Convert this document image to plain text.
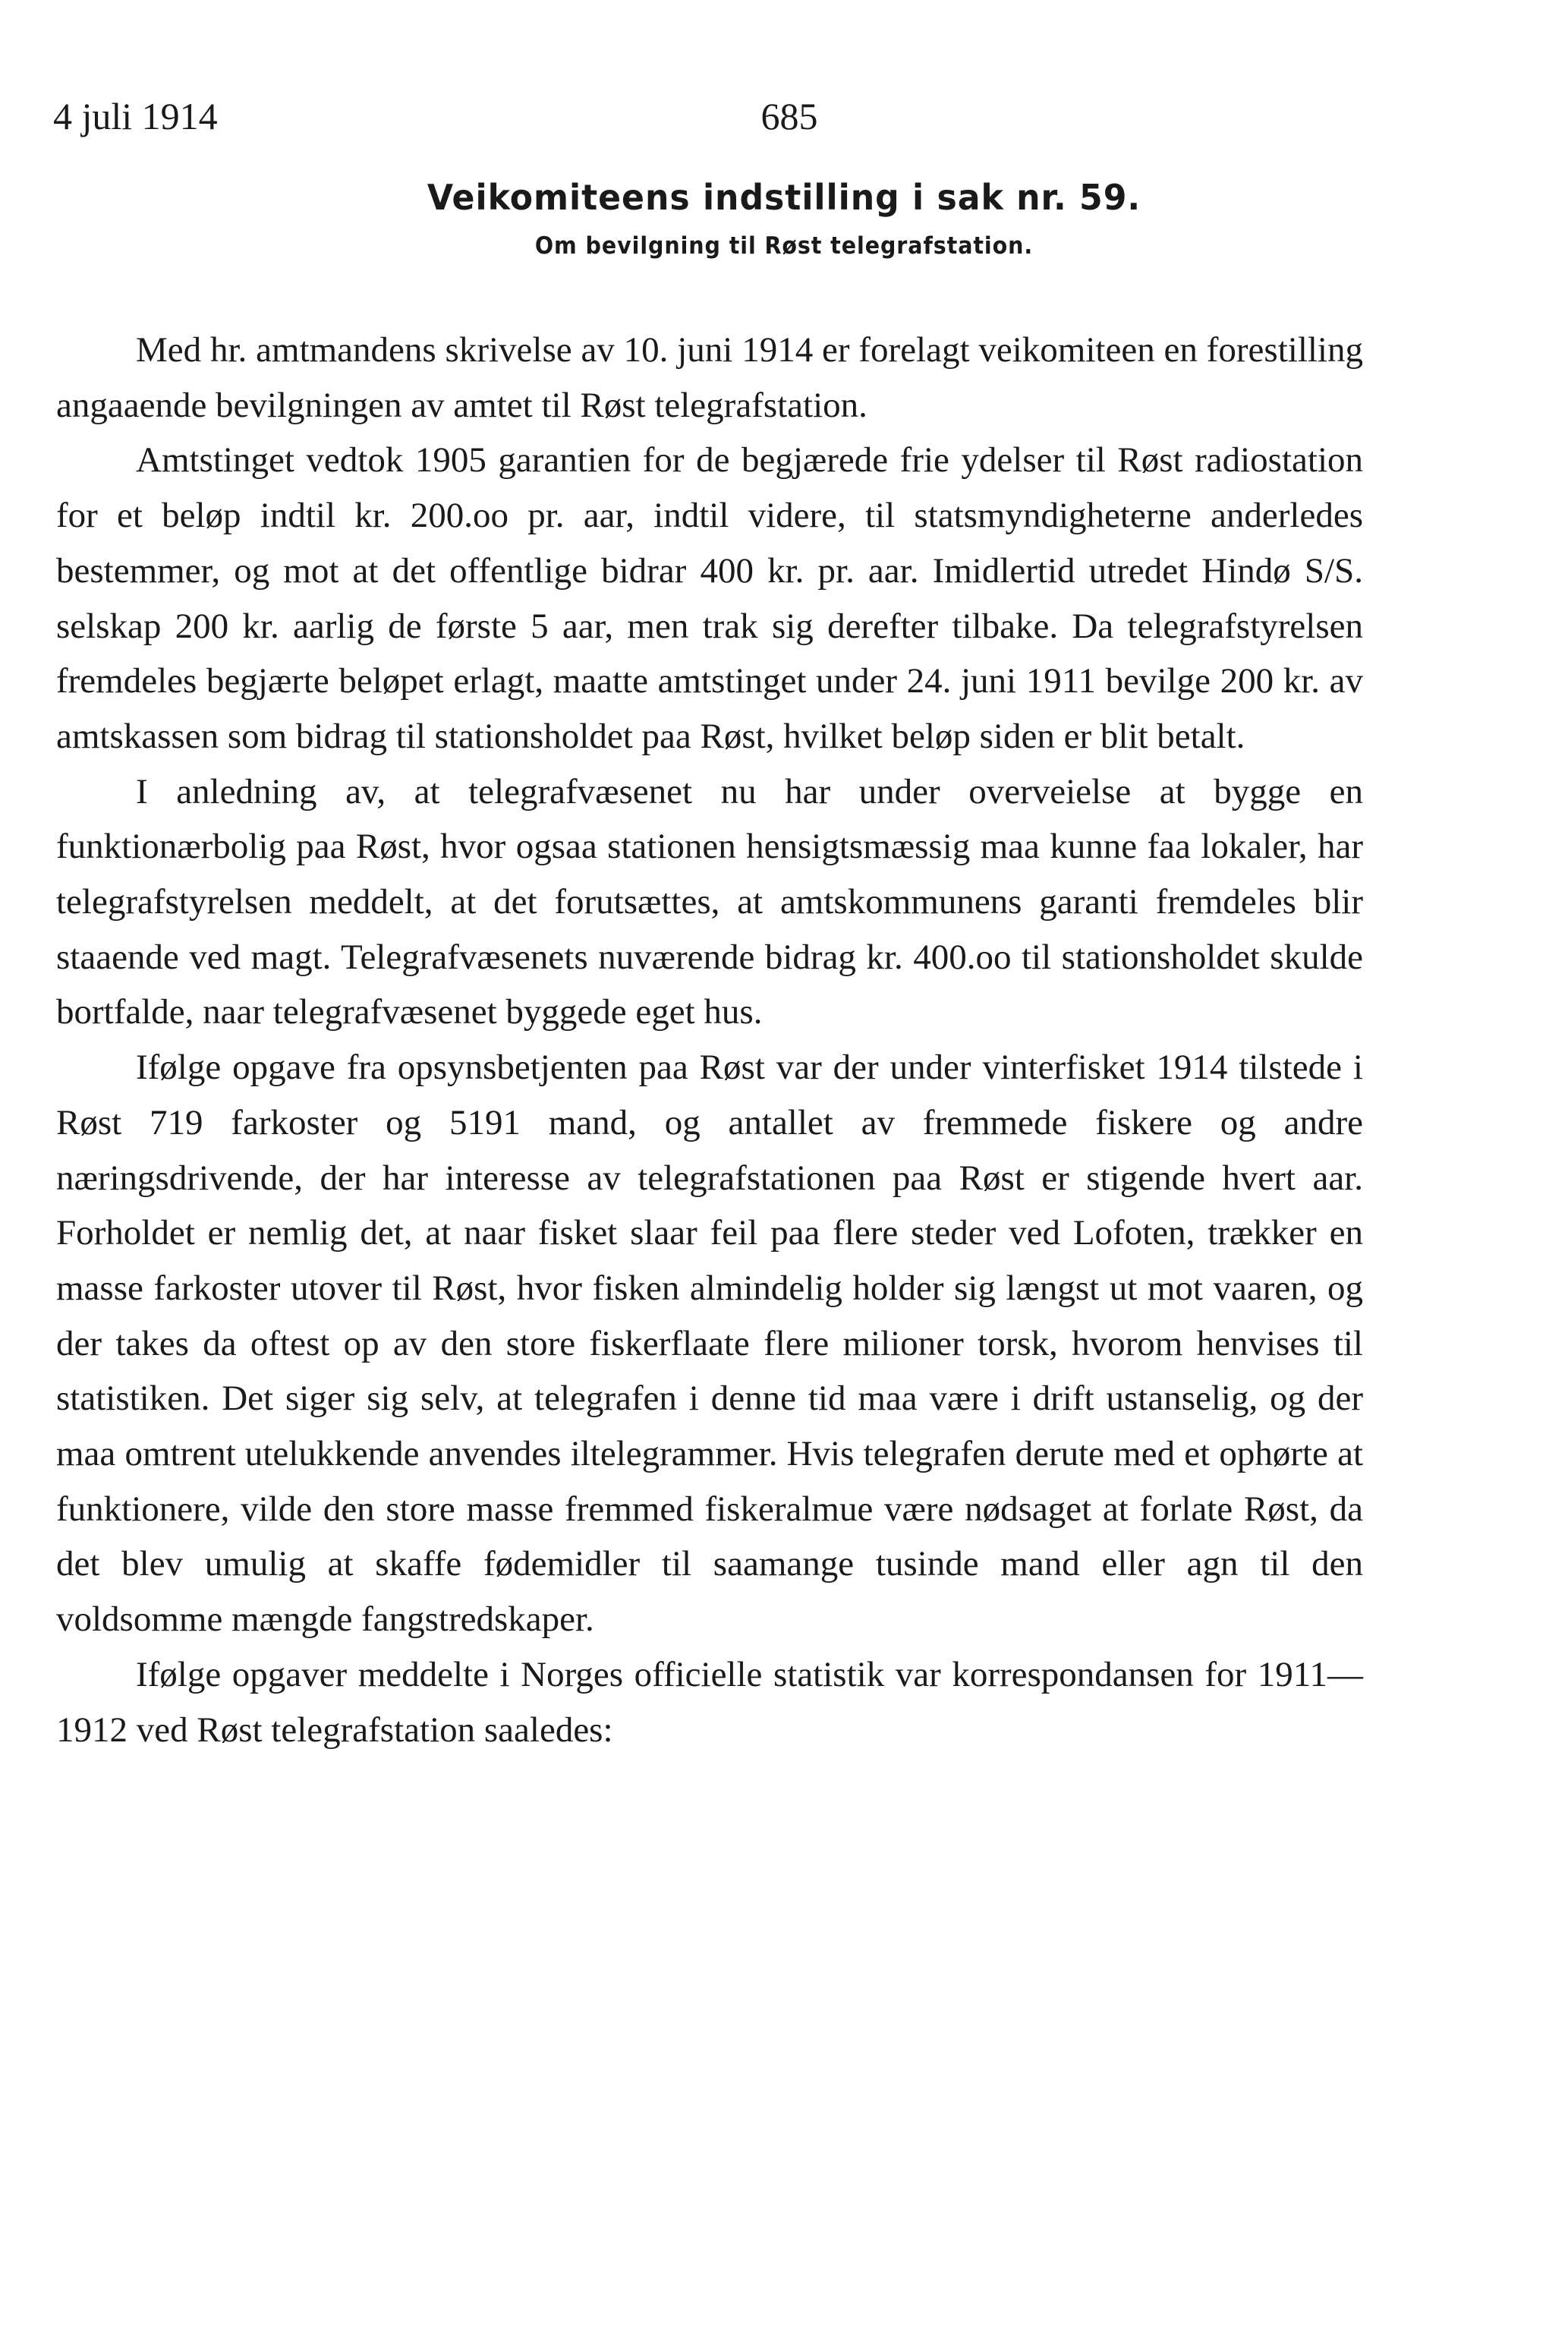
4 juli 1914	685
Veikomiteens indstilling i sak nr. 59.
Om bevilgning til Røst telegrafstation.

Med hr. amtmandens skrivelse av 10. juni 1914 er forelagt veikomiteen en forestilling angaaende bevilgningen av amtet til Røst telegrafstation.

Amtstinget vedtok 1905 garantien for de begjærede frie ydelser til Røst radiostation for et beløp indtil kr. 200.oo pr. aar, indtil videre, til statsmyndigheterne anderledes bestemmer, og mot at det offentlige bidrar 400 kr. pr. aar. Imidlertid utredet Hindø S/S. selskap 200 kr. aarlig de første 5 aar, men trak sig derefter tilbake. Da telegrafstyrelsen fremdeles begjærte beløpet erlagt, maatte amtstinget under 24. juni 1911 bevilge 200 kr. av amtskassen som bidrag til stationsholdet paa Røst, hvilket beløp siden er blit betalt.

I anledning av, at telegrafvæsenet nu har under overveielse at bygge en funktionærbolig paa Røst, hvor ogsaa stationen hensigtsmæssig maa kunne faa lokaler, har telegrafstyrelsen meddelt, at det forutsættes, at amtskommunens garanti fremdeles blir staaende ved magt. Telegrafvæsenets nuværende bidrag kr. 400.oo til stationsholdet skulde bortfalde, naar telegrafvæsenet byggede eget hus.

Ifølge opgave fra opsynsbetjenten paa Røst var der under vinterfisket 1914 tilstede i Røst 719 farkoster og 5191 mand, og antallet av fremmede fiskere og andre næringsdrivende, der har interesse av telegrafstationen paa Røst er stigende hvert aar. Forholdet er nemlig det, at naar fisket slaar feil paa flere steder ved Lofoten, trækker en masse farkoster utover til Røst, hvor fisken almindelig holder sig længst ut mot vaaren, og der takes da oftest op av den store fiskerflaate flere milioner torsk, hvorom henvises til statistiken. Det siger sig selv, at telegrafen i denne tid maa være i drift ustanselig, og der maa omtrent utelukkende anvendes iltelegrammer. Hvis telegrafen derute med et ophørte at funktionere, vilde den store masse fremmed fiskeralmue være nødsaget at forlate Røst, da det blev umulig at skaffe fødemidler til saamange tusinde mand eller agn til den voldsomme mængde fangstredskaper.

Ifølge opgaver meddelte i Norges officielle statistik var korrespondansen for 1911—1912 ved Røst telegrafstation saaledes:
